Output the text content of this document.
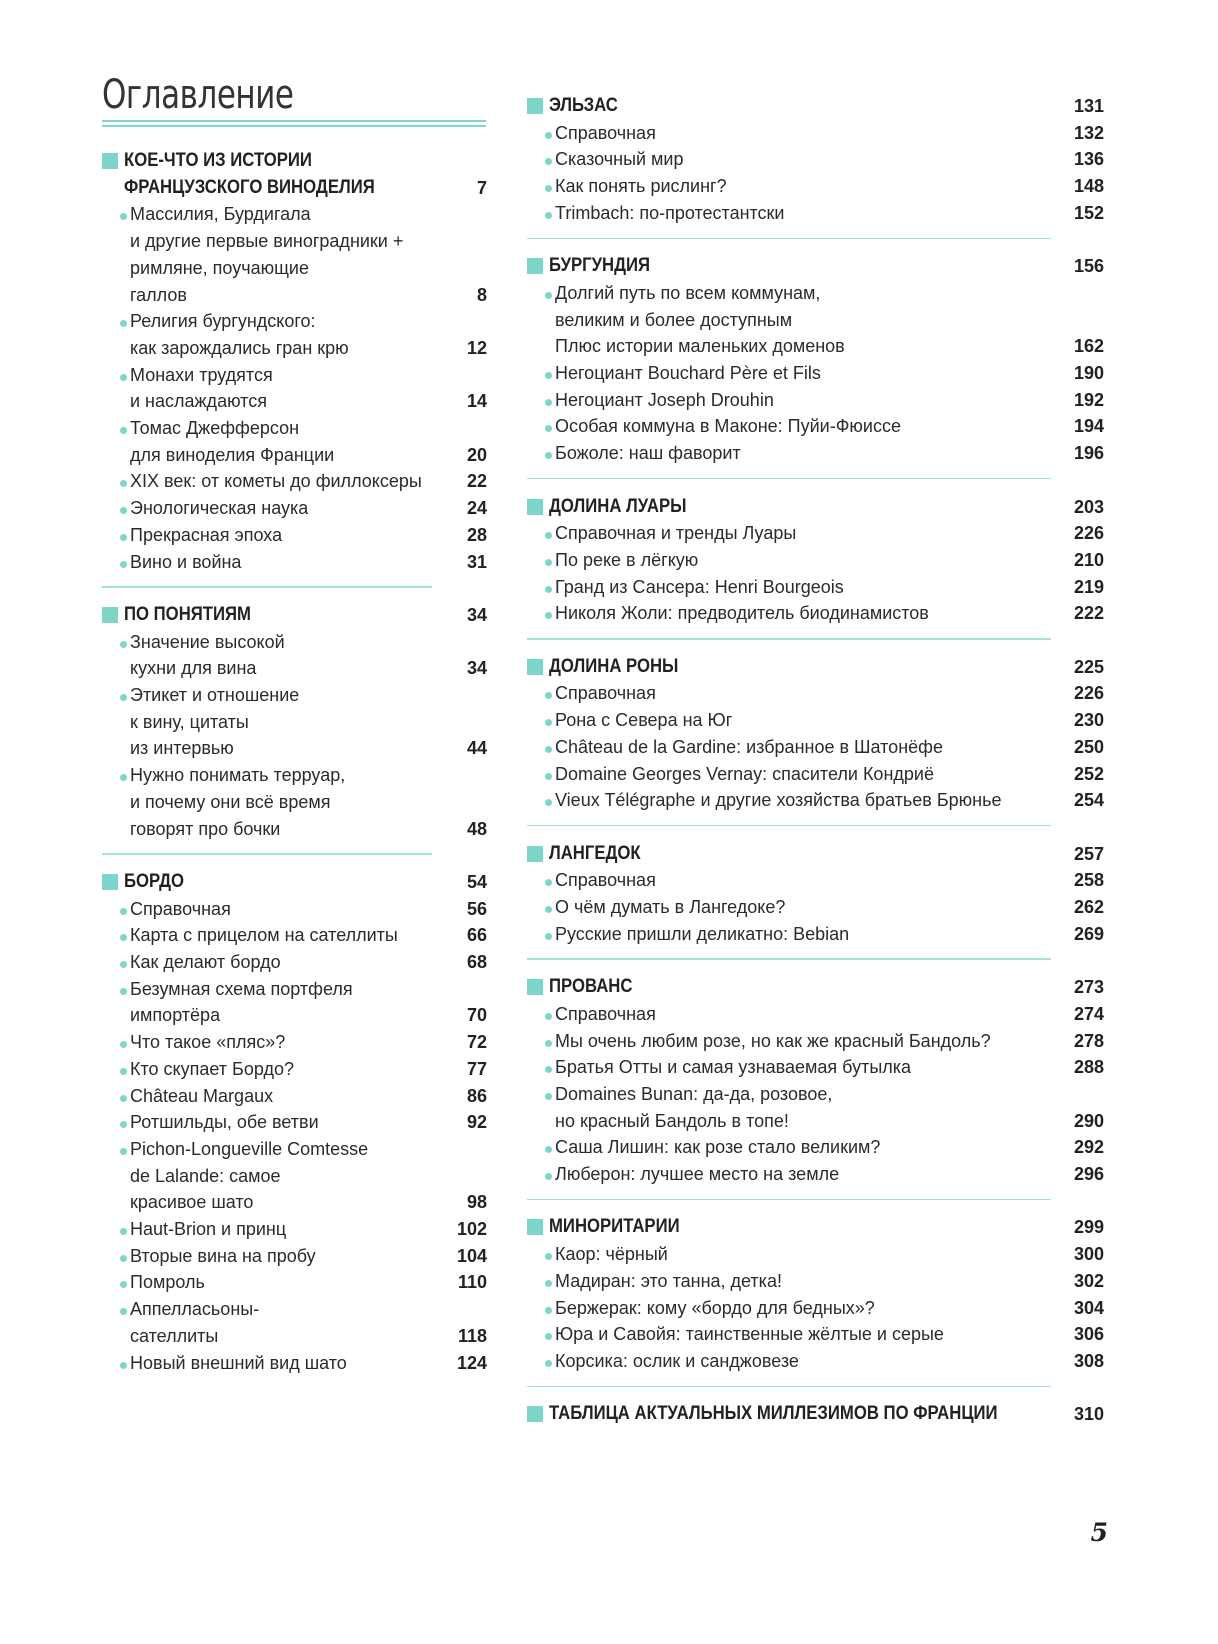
Оглавление
КОЕ-ЧТО ИЗ ИСТОРИИ
ФРАНЦУЗСКОГО ВИНОДЕЛИЯ	7
Массилия, Бурдигала
и другие первые виноградники +
римляне, поучающие
галлов	8
Религия бургундского:
как зарождались гран крю	12
Монахи трудятся
и наслаждаются	14
Томас Джефферсон
для виноделия Франции	20
XIX век: от кометы до филлоксеры	22
Энологическая наука	24
Прекрасная эпоха	28
Вино и война	31
ПО ПОНЯТИЯМ	34
Значение высокой
кухни для вина	34
Этикет и отношение
к вину, цитаты
из интервью	44
Нужно понимать терруар,
и почему они всё время
говорят про бочки	48
БОРДО	54
Справочная	56
Карта с прицелом на сателлиты	66
Как делают бордо	68
Безумная схема портфеля
импортёра	70
Что такое «пляс»?	72
Кто скупает Бордо?	77
Château Margaux	86
Ротшильды, обе ветви	92
Pichon-Longueville Comtesse
de Lalande: самое
красивое шато	98
Haut-Brion и принц	102
Вторые вина на пробу	104
Помроль	110
Аппелласьоны-
сателлиты	118
Новый внешний вид шато	124
ЭЛЬЗАС	131
Справочная	132
Сказочный мир	136
Как понять рислинг?	148
Trimbach: по-протестантски	152
БУРГУНДИЯ	156
Долгий путь по всем коммунам,
великим и более доступным
Плюс истории маленьких доменов	162
Негоциант Bouchard Père et Fils	190
Негоциант Joseph Drouhin	192
Особая коммуна в Маконе: Пуйи-Фюиссе	194
Божоле: наш фаворит	196
ДОЛИНА ЛУАРЫ	203
Справочная и тренды Луары	226
По реке в лёгкую	210
Гранд из Сансера: Henri Bourgeois	219
Николя Жоли: предводитель биодинамистов	222
ДОЛИНА РОНЫ	225
Справочная	226
Рона с Севера на Юг	230
Château de la Gardine: избранное в Шатонёфе	250
Domaine Georges Vernay: спасители Кондриё	252
Vieux Télégraphe и другие хозяйства братьев Брюнье	254
ЛАНГЕДОК	257
Справочная	258
О чём думать в Лангедоке?	262
Русские пришли деликатно: Bebian	269
ПРОВАНС	273
Справочная	274
Мы очень любим розе, но как же красный Бандоль?	278
Братья Отты и самая узнаваемая бутылка	288
Domaines Bunan: да-да, розовое,
но красный Бандоль в топе!	290
Саша Лишин: как розе стало великим?	292
Люберон: лучшее место на земле	296
МИНОРИТАРИИ	299
Каор: чёрный	300
Мадиран: это танна, детка!	302
Бержерак: кому «бордо для бедных»?	304
Юра и Савойя: таинственные жёлтые и серые	306
Корсика: ослик и санджовезе	308
ТАБЛИЦА АКТУАЛЬНЫХ МИЛЛЕЗИМОВ ПО ФРАНЦИИ	310
5
